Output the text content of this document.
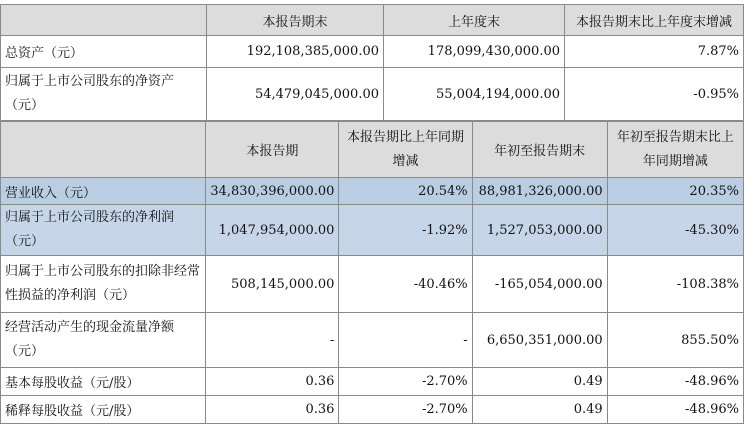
	本报告期末	上年度末	本报告期末比上年度末增减
总资产（元）	192,108,385,000.00	178,099,430,000.00	7.87%
归属于上市公司股东的净资产（元）	54,479,045,000.00	55,004,194,000.00	-0.95%
	本报告期	本报告期比上年同期增减	年初至报告期末	年初至报告期末比上年同期增减
营业收入（元）	34,830,396,000.00	20.54%	88,981,326,000.00	20.35%
归属于上市公司股东的净利润（元）	1,047,954,000.00	-1.92%	1,527,053,000.00	-45.30%
归属于上市公司股东的扣除非经常性损益的净利润（元）	508,145,000.00	-40.46%	-165,054,000.00	-108.38%
经营活动产生的现金流量净额（元）	-	-	6,650,351,000.00	855.50%
基本每股收益（元/股）	0.36	-2.70%	0.49	-48.96%
稀释每股收益（元/股）	0.36	-2.70%	0.49	-48.96%
